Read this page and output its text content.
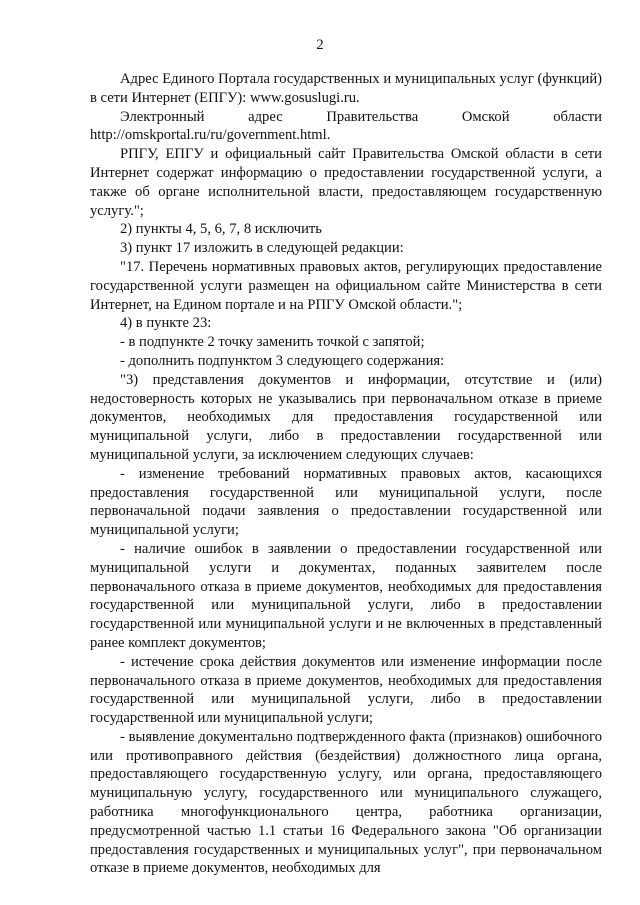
2

Адрес Единого Портала государственных и муниципальных услуг (функций) в сети Интернет (ЕПГУ): www.gosuslugi.ru.

Электронный адрес Правительства Омской области

http://omskportal.ru/ru/government.html.

РПГУ, ЕПГУ и официальный сайт Правительства Омской области в сети Интернет содержат информацию о предоставлении государственной услуги, а также об органе исполнительной власти, предоставляющем государственную услугу.";

2) пункты 4, 5, 6, 7, 8 исключить

3) пункт 17 изложить в следующей редакции:

"17. Перечень нормативных правовых актов, регулирующих предоставление государственной услуги размещен на официальном сайте Министерства в сети Интернет, на Едином портале и на РПГУ Омской области.";

4) в пункте 23:

- в подпункте 2 точку заменить точкой с запятой;

- дополнить подпунктом 3 следующего содержания:

"3) представления документов и информации, отсутствие и (или) недостоверность которых не указывались при первоначальном отказе в приеме документов, необходимых для предоставления государственной или муниципальной услуги, либо в предоставлении государственной или муниципальной услуги, за исключением следующих случаев:

- изменение требований нормативных правовых актов, касающихся предоставления государственной или муниципальной услуги, после первоначальной подачи заявления о предоставлении государственной или муниципальной услуги;

- наличие ошибок в заявлении о предоставлении государственной или муниципальной услуги и документах, поданных заявителем после первоначального отказа в приеме документов, необходимых для предоставления государственной или муниципальной услуги, либо в предоставлении государственной или муниципальной услуги и не включенных в представленный ранее комплект документов;

- истечение срока действия документов или изменение информации после первоначального отказа в приеме документов, необходимых для предоставления государственной или муниципальной услуги, либо в предоставлении государственной или муниципальной услуги;

- выявление документально подтвержденного факта (признаков) ошибочного или противоправного действия (бездействия) должностного лица органа, предоставляющего государственную услугу, или органа, предоставляющего муниципальную услугу, государственного или муниципального служащего, работника многофункционального центра, работника организации, предусмотренной частью 1.1 статьи 16 Федерального закона "Об организации предоставления государственных и муниципальных услуг", при первоначальном отказе в приеме документов, необходимых для
